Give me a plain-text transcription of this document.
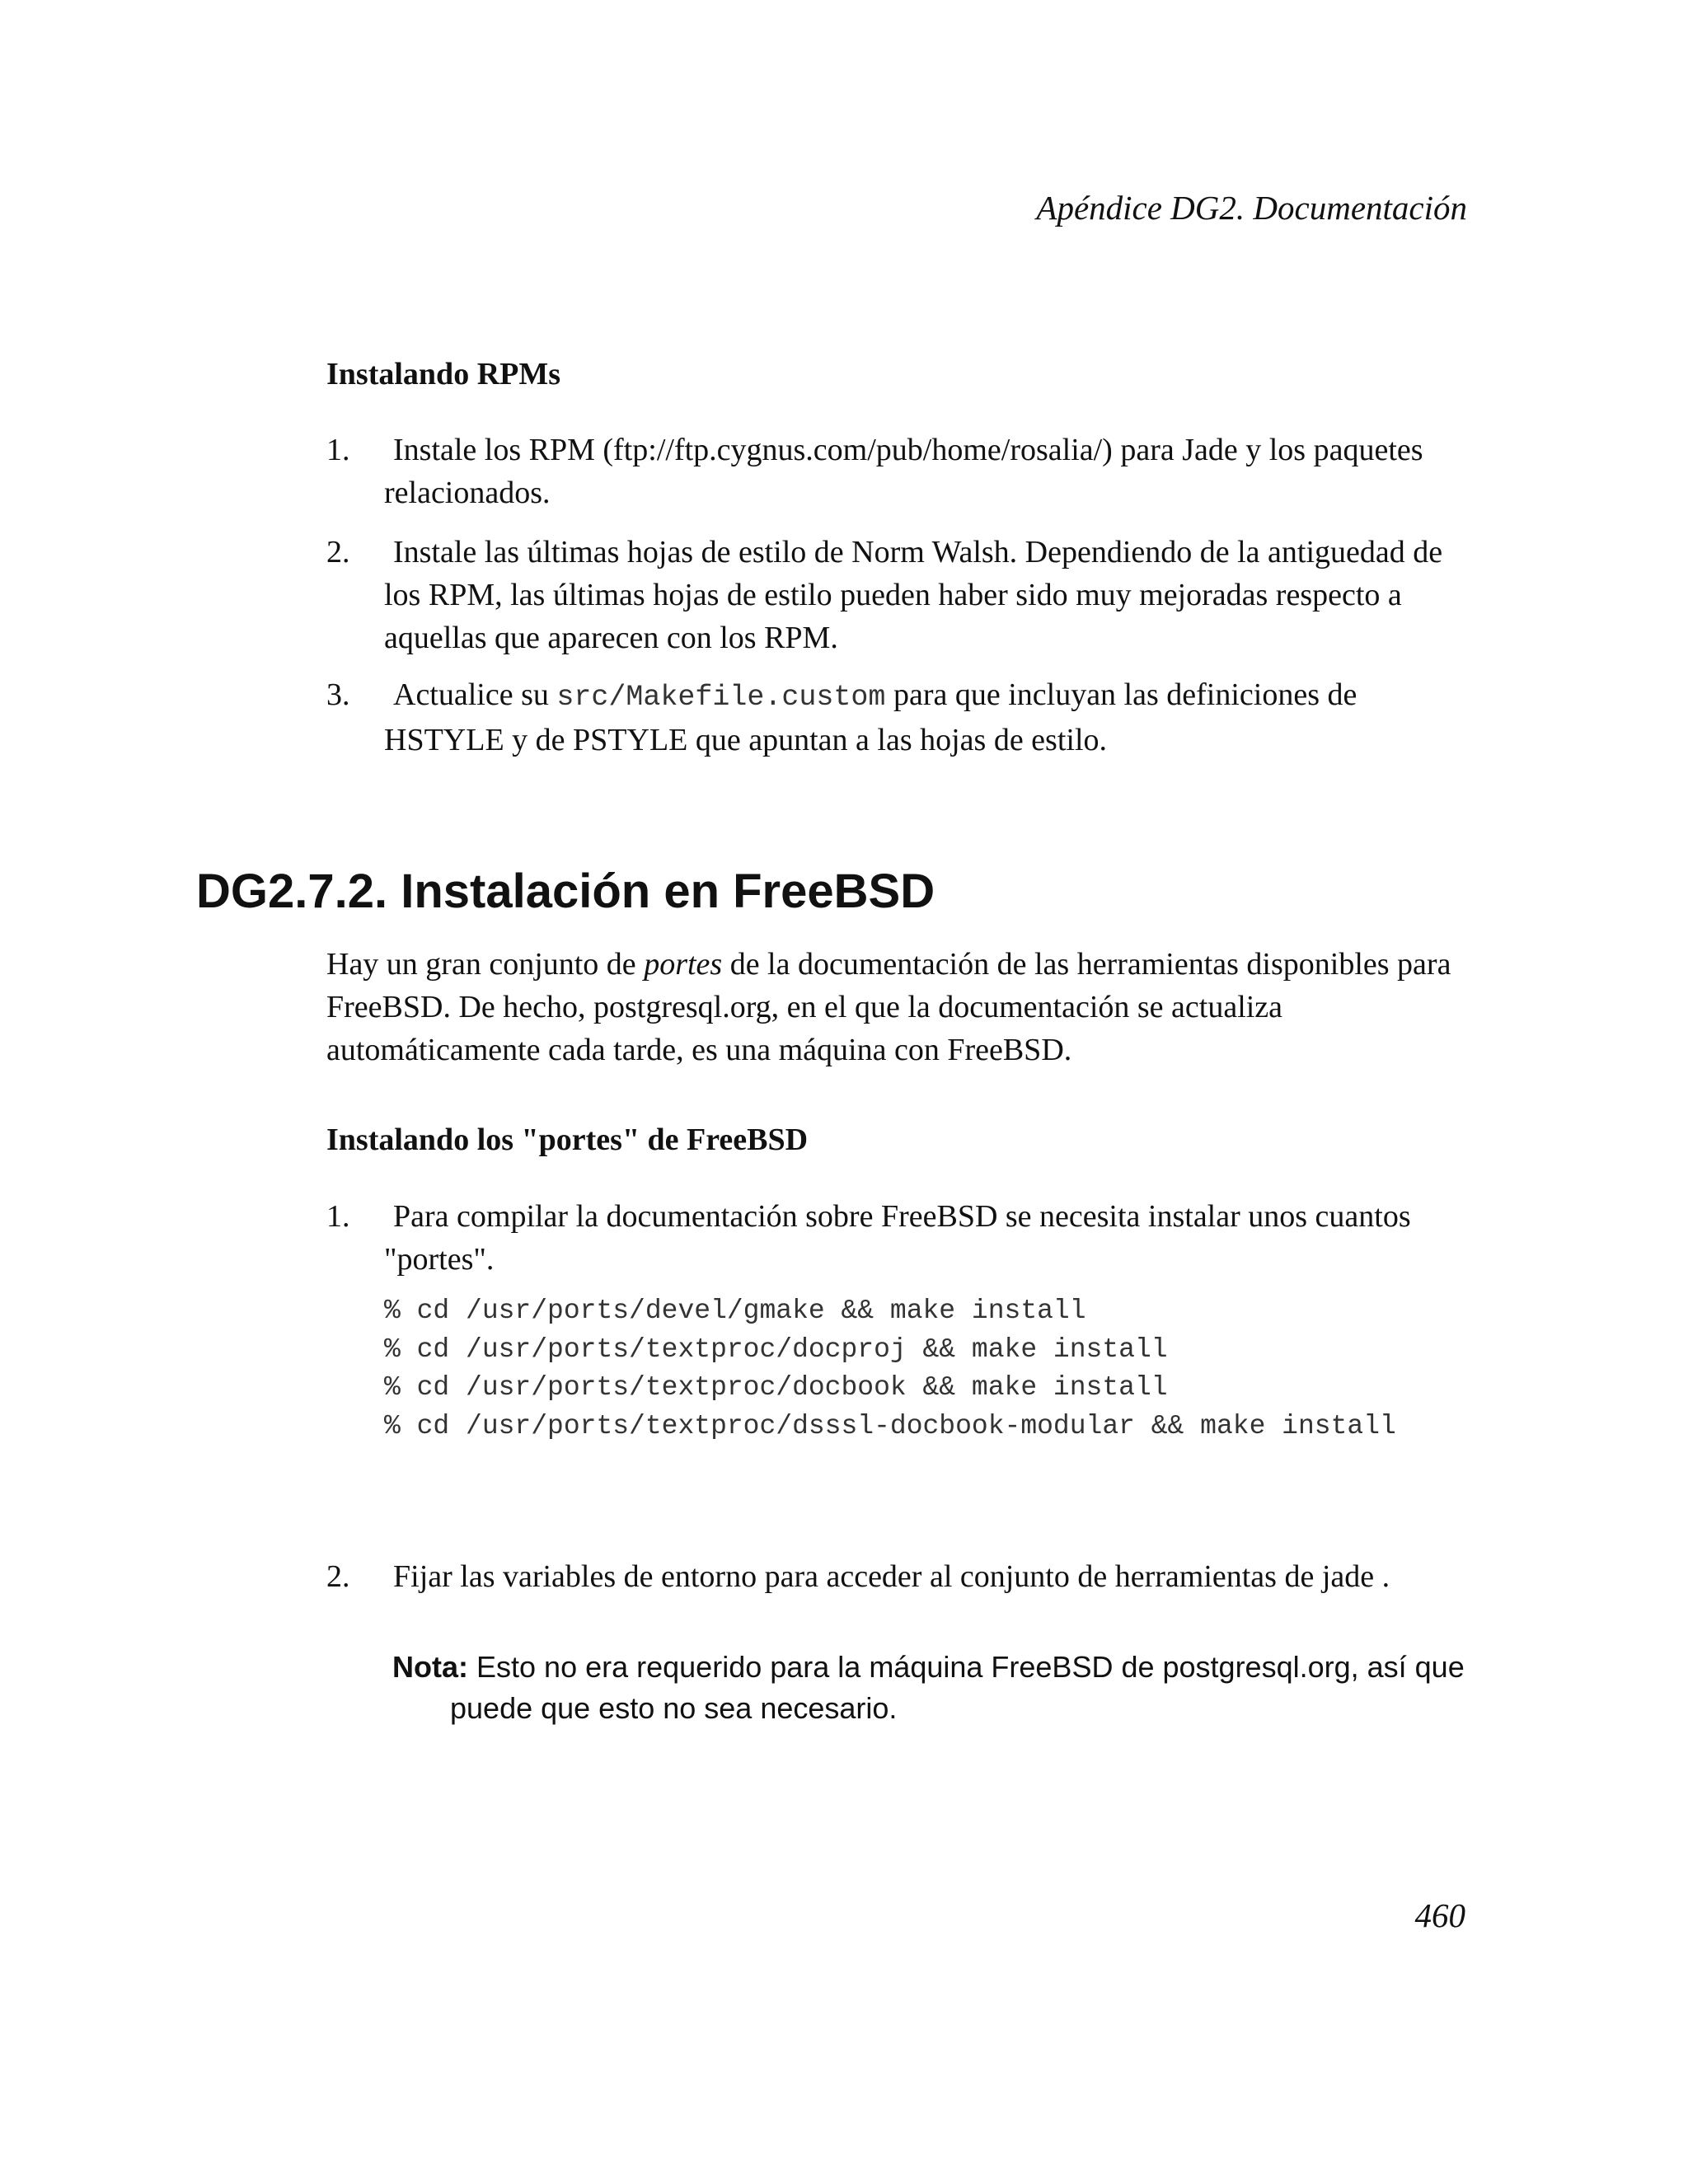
Apéndice DG2. Documentación
Instalando RPMs
1. Instale los RPM (ftp://ftp.cygnus.com/pub/home/rosalia/) para Jade y los paquetes relacionados.
2. Instale las últimas hojas de estilo de Norm Walsh. Dependiendo de la antiguedad de los RPM, las últimas hojas de estilo pueden haber sido muy mejoradas respecto a aquellas que aparecen con los RPM.
3. Actualice su src/Makefile.custom para que incluyan las definiciones de HSTYLE y de PSTYLE que apuntan a las hojas de estilo.
DG2.7.2. Instalación en FreeBSD
Hay un gran conjunto de portes de la documentación de las herramientas disponibles para FreeBSD. De hecho, postgresql.org, en el que la documentación se actualiza automáticamente cada tarde, es una máquina con FreeBSD.
Instalando los "portes" de FreeBSD
1. Para compilar la documentación sobre FreeBSD se necesita instalar unos cuantos "portes".
% cd /usr/ports/devel/gmake && make install
% cd /usr/ports/textproc/docproj && make install
% cd /usr/ports/textproc/docbook && make install
% cd /usr/ports/textproc/dsssl-docbook-modular && make install
2. Fijar las variables de entorno para acceder al conjunto de herramientas de jade .
Nota: Esto no era requerido para la máquina FreeBSD de postgresql.org, así que
puede que esto no sea necesario.
460
